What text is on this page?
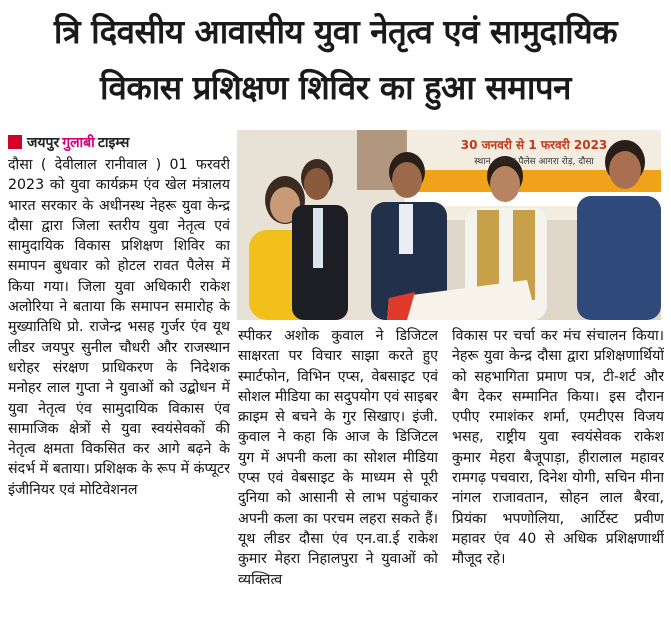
त्रि दिवसीय आवासीय युवा नेतृत्व एवं सामुदायिक
विकास प्रशिक्षण शिविर का हुआ समापन
जयपुर गुलाबी टाइम्स
दौसा ( देवीलाल रानीवाल ) 01 फरवरी 2023 को युवा कार्यक्रम एंव खेल मंत्रालय भारत सरकार के अधीनस्थ नेहरू युवा केन्द्र दौसा द्वारा जिला स्तरीय युवा नेतृत्व एवं सामुदायिक विकास प्रशिक्षण शिविर का समापन बुधवार को होटल रावत पैलेस में किया गया। जिला युवा अधिकारी राकेश अलोरिया ने बताया कि समापन समारोह के मुख्यातिथि प्रो. राजेन्द्र भसह गुर्जर एंव यूथ लीडर जयपुर सुनील चौधरी और राजस्थान धरोहर संरक्षण प्राधिकरण के निदेशक मनोहर लाल गुप्ता ने युवाओं को उद्बोधन में युवा नेतृत्व एंव सामुदायिक विकास एंव सामाजिक क्षेत्रों से युवा स्वयंसेवकों की नेतृत्व क्षमता विकसित कर आगे बढ़ने के संदर्भ में बताया। प्रशिक्षक के रूप में कंप्यूटर इंजीनियर एवं मोटिवेशनल
30 जनवरी से 1 फरवरी 2023
स्थान : रावत पैलेस आगरा रोड़, दौसा
स्पीकर अशोक कुवाल ने डिजिटल साक्षरता पर विचार साझा करते हुए स्मार्टफोन, विभिन एप्स, वेबसाइट एवं सोशल मीडिया का सदुपयोग एवं साइबर क्राइम से बचने के गुर सिखाए। इंजी. कुवाल ने कहा कि आज के डिजिटल युग में अपनी कला का सोशल मीडिया एप्स एवं वेबसाइट के माध्यम से पूरी दुनिया को आसानी से लाभ पहुंचाकर अपनी कला का परचम लहरा सकते हैं। यूथ लीडर दौसा एंव एन.वा.ई राकेश कुमार मेहरा निहालपुरा ने युवाओं को व्यक्तित्व
विकास पर चर्चा कर मंच संचालन किया। नेहरू युवा केन्द्र दौसा द्वारा प्रशिक्षणार्थियों को सहभागिता प्रमाण पत्र, टी-शर्ट और बैग देकर सम्मानित किया। इस दौरान एपीए रमाशंकर शर्मा, एमटीएस विजय भसह, राष्ट्रीय युवा स्वयंसेवक राकेश कुमार मेहरा बैजूपाड़ा, हीरालाल महावर रामगढ़ पचवारा, दिनेश योगी, सचिन मीना नांगल राजावतान, सोहन लाल बैरवा, प्रियंका भपणोलिया, आर्टिस्ट प्रवीण महावर एंव 40 से अधिक प्रशिक्षणार्थी मौजूद रहे।
